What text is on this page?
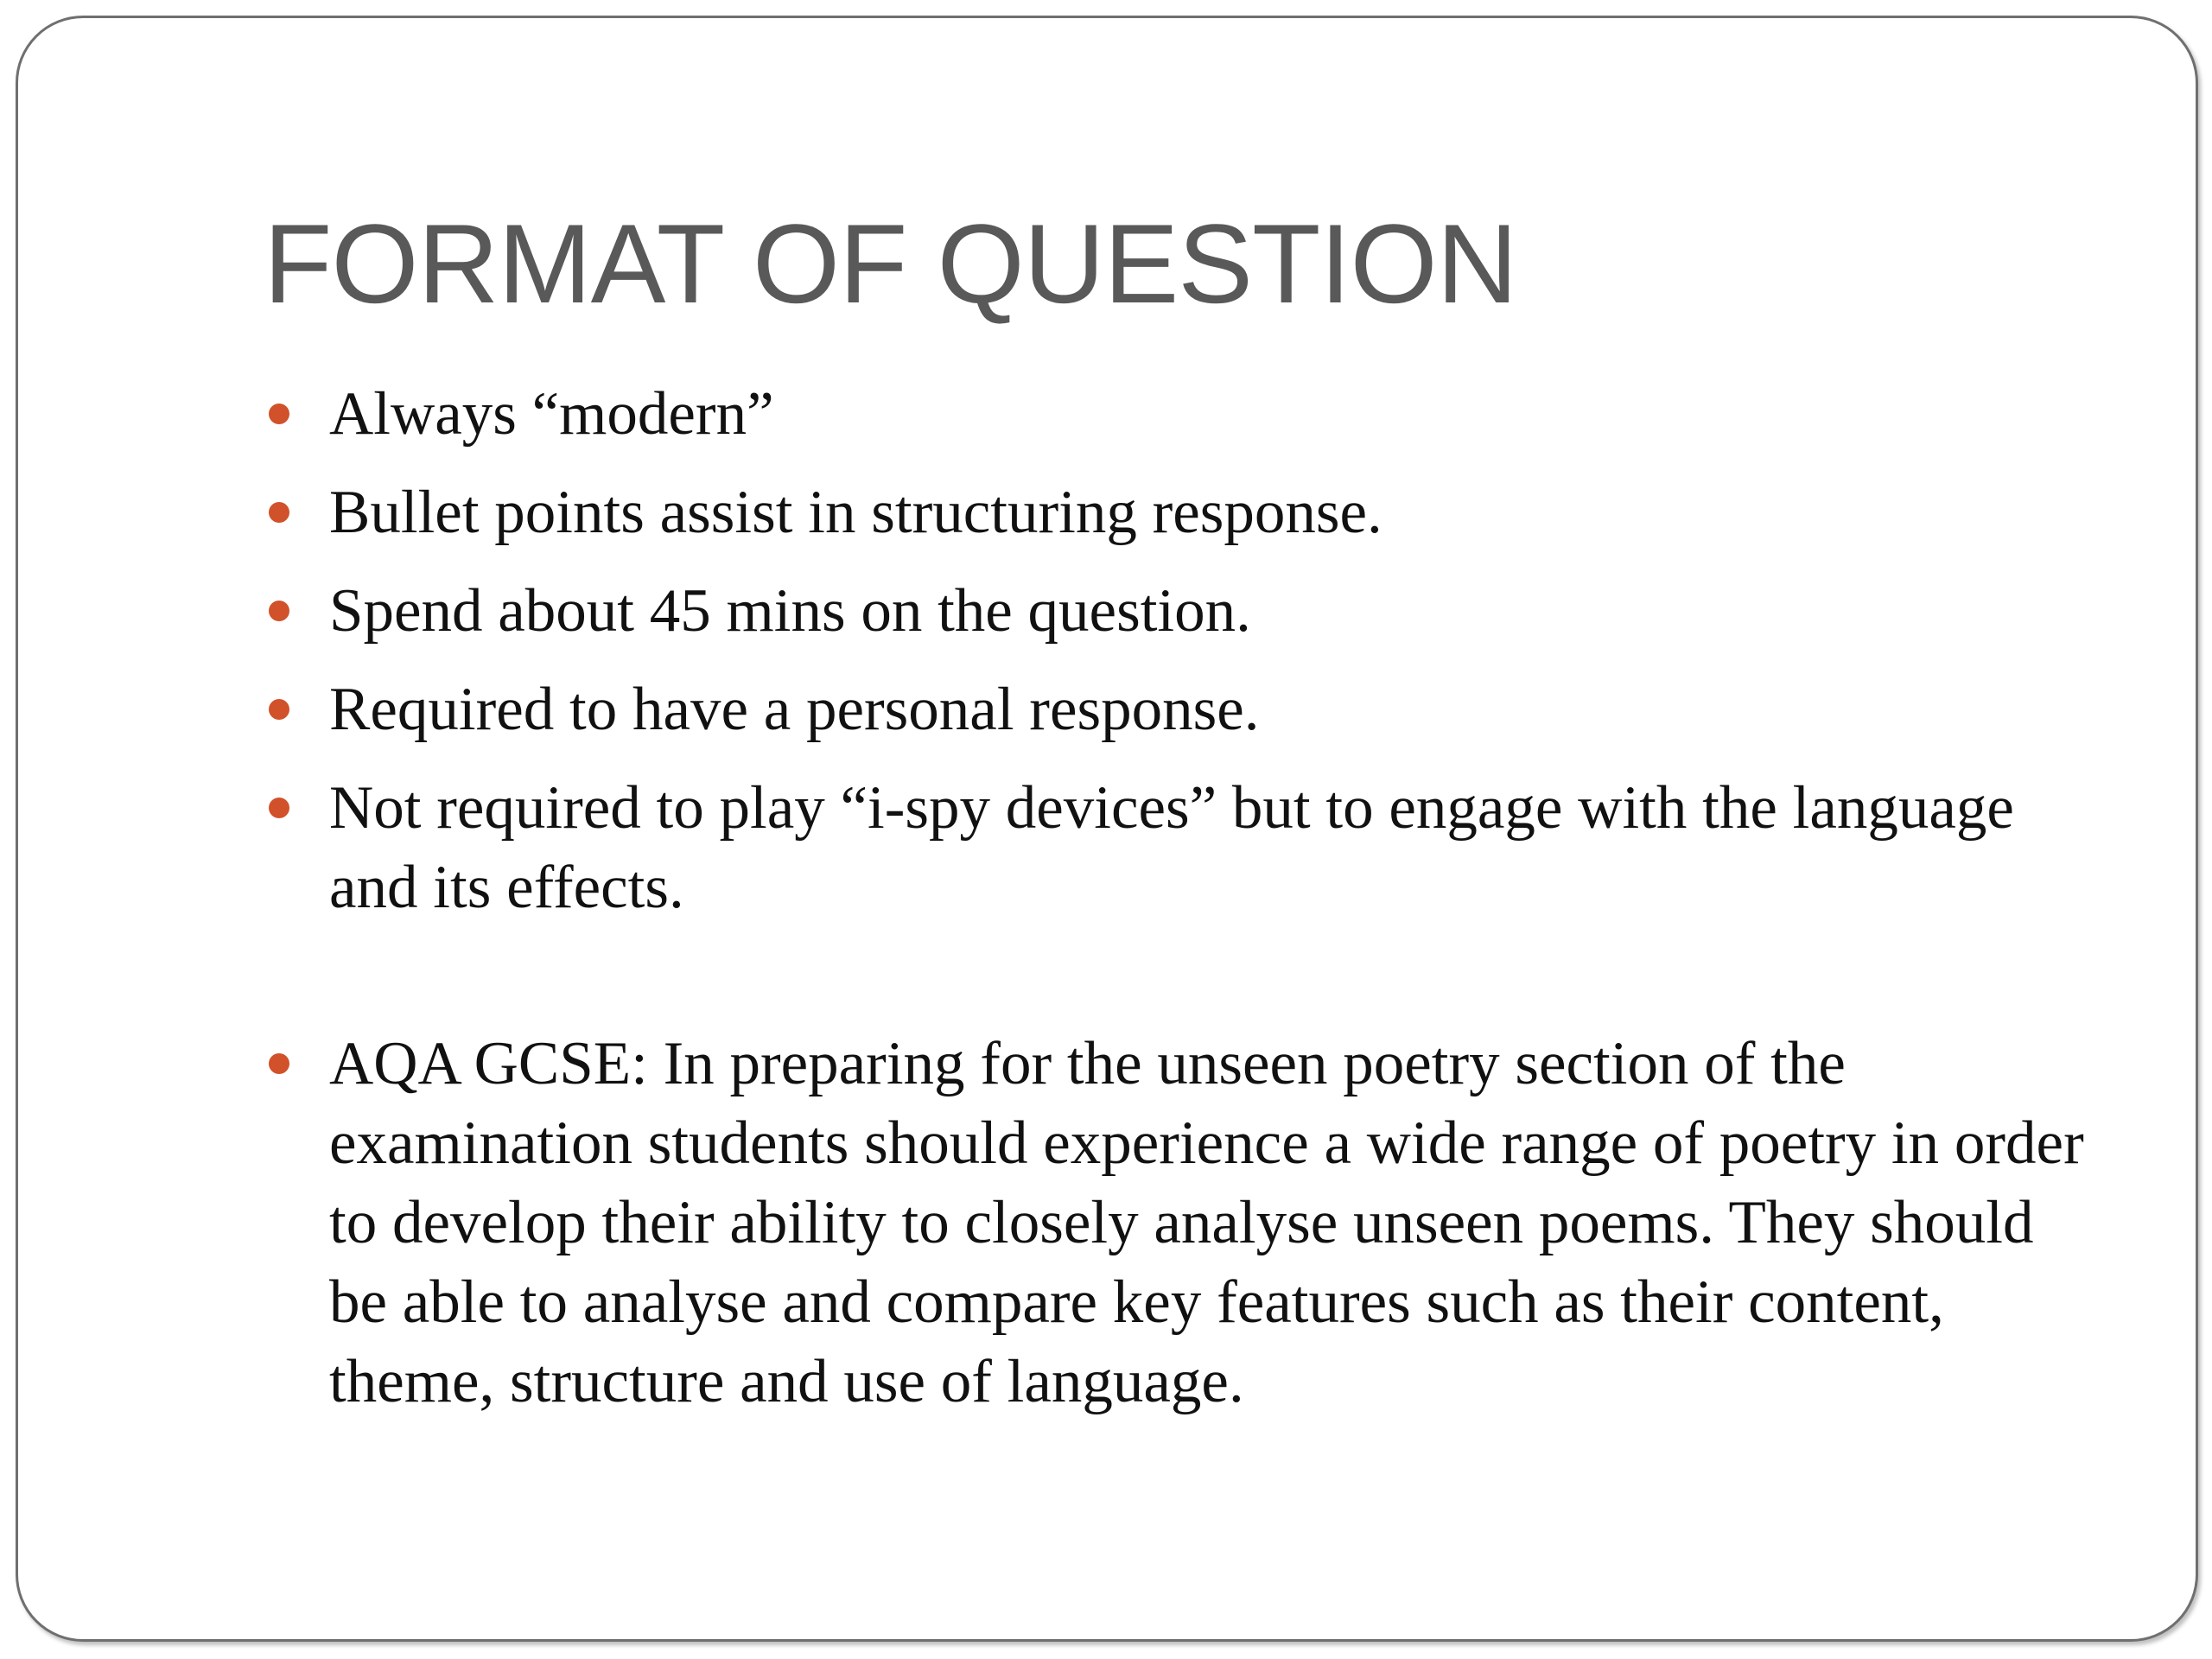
FORMAT OF QUESTION
Always “modern”
Bullet points assist in structuring response.
Spend about 45 mins on the question.
Required to have a personal response.
Not required to play “i-spy devices” but to engage with the language and its effects.
AQA GCSE: In preparing for the unseen poetry section of the examination students should experience a wide range of poetry in order to develop their ability to closely analyse unseen poems. They should be able to analyse and compare key features such as their content, theme, structure and use of language.
